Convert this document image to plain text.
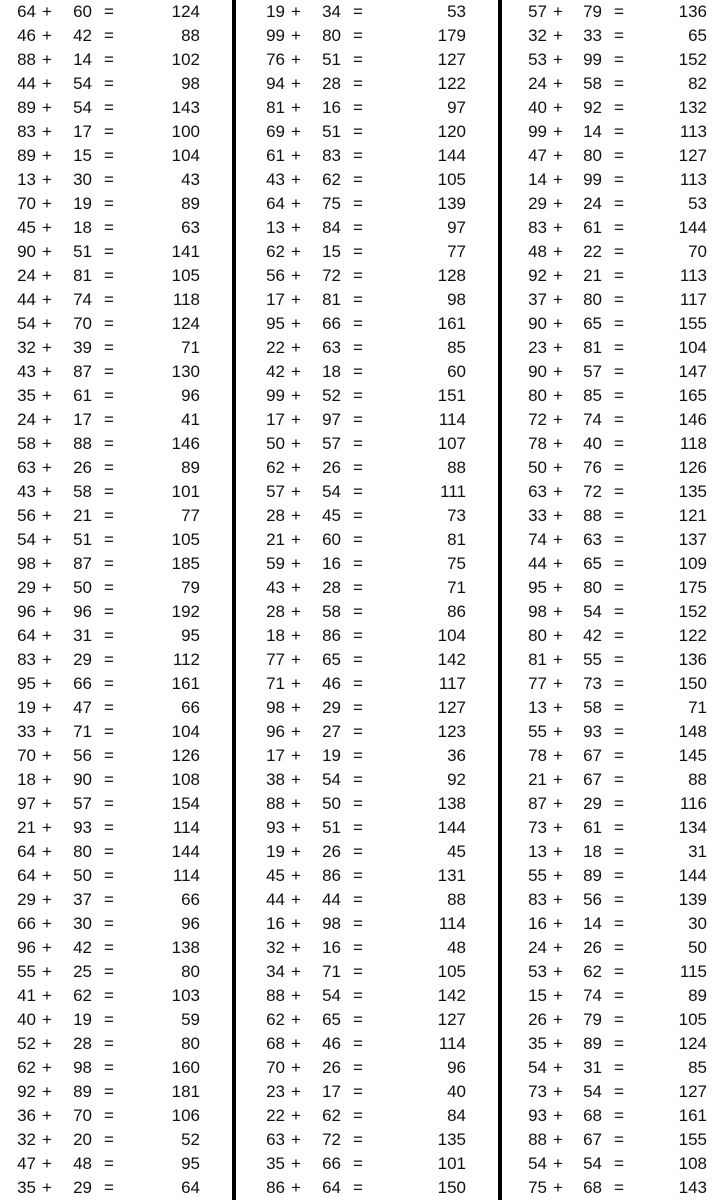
64 +	60 =	124
46 +	42 =	88
88 +	14 =	102
44 +	54 =	98
89 +	54 =	143
83 +	17 =	100
89 +	15 =	104
13 +	30 =	43
70 +	19 =	89
45 +	18 =	63
90 +	51 =	141
24 +	81 =	105
44 +	74 =	118
54 +	70 =	124
32 +	39 =	71
43 +	87 =	130
35 +	61 =	96
24 +	17 =	41
58 +	88 =	146
63 +	26 =	89
43 +	58 =	101
56 +	21 =	77
54 +	51 =	105
98 +	87 =	185
29 +	50 =	79
96 +	96 =	192
64 +	31 =	95
83 +	29 =	112
95 +	66 =	161
19 +	47 =	66
33 +	71 =	104
70 +	56 =	126
18 +	90 =	108
97 +	57 =	154
21 +	93 =	114
64 +	80 =	144
64 +	50 =	114
29 +	37 =	66
66 +	30 =	96
96 +	42 =	138
55 +	25 =	80
41 +	62 =	103
40 +	19 =	59
52 +	28 =	80
62 +	98 =	160
92 +	89 =	181
36 +	70 =	106
32 +	20 =	52
47 +	48 =	95
35 +	29 =	64
19 +	34 =	53
99 +	80 =	179
76 +	51 =	127
94 +	28 =	122
81 +	16 =	97
69 +	51 =	120
61 +	83 =	144
43 +	62 =	105
64 +	75 =	139
13 +	84 =	97
62 +	15 =	77
56 +	72 =	128
17 +	81 =	98
95 +	66 =	161
22 +	63 =	85
42 +	18 =	60
99 +	52 =	151
17 +	97 =	114
50 +	57 =	107
62 +	26 =	88
57 +	54 =	111
28 +	45 =	73
21 +	60 =	81
59 +	16 =	75
43 +	28 =	71
28 +	58 =	86
18 +	86 =	104
77 +	65 =	142
71 +	46 =	117
98 +	29 =	127
96 +	27 =	123
17 +	19 =	36
38 +	54 =	92
88 +	50 =	138
93 +	51 =	144
19 +	26 =	45
45 +	86 =	131
44 +	44 =	88
16 +	98 =	114
32 +	16 =	48
34 +	71 =	105
88 +	54 =	142
62 +	65 =	127
68 +	46 =	114
70 +	26 =	96
23 +	17 =	40
22 +	62 =	84
63 +	72 =	135
35 +	66 =	101
86 +	64 =	150
57 +	79 =	136
32 +	33 =	65
53 +	99 =	152
24 +	58 =	82
40 +	92 =	132
99 +	14 =	113
47 +	80 =	127
14 +	99 =	113
29 +	24 =	53
83 +	61 =	144
48 +	22 =	70
92 +	21 =	113
37 +	80 =	117
90 +	65 =	155
23 +	81 =	104
90 +	57 =	147
80 +	85 =	165
72 +	74 =	146
78 +	40 =	118
50 +	76 =	126
63 +	72 =	135
33 +	88 =	121
74 +	63 =	137
44 +	65 =	109
95 +	80 =	175
98 +	54 =	152
80 +	42 =	122
81 +	55 =	136
77 +	73 =	150
13 +	58 =	71
55 +	93 =	148
78 +	67 =	145
21 +	67 =	88
87 +	29 =	116
73 +	61 =	134
13 +	18 =	31
55 +	89 =	144
83 +	56 =	139
16 +	14 =	30
24 +	26 =	50
53 +	62 =	115
15 +	74 =	89
26 +	79 =	105
35 +	89 =	124
54 +	31 =	85
73 +	54 =	127
93 +	68 =	161
88 +	67 =	155
54 +	54 =	108
75 +	68 =	143
